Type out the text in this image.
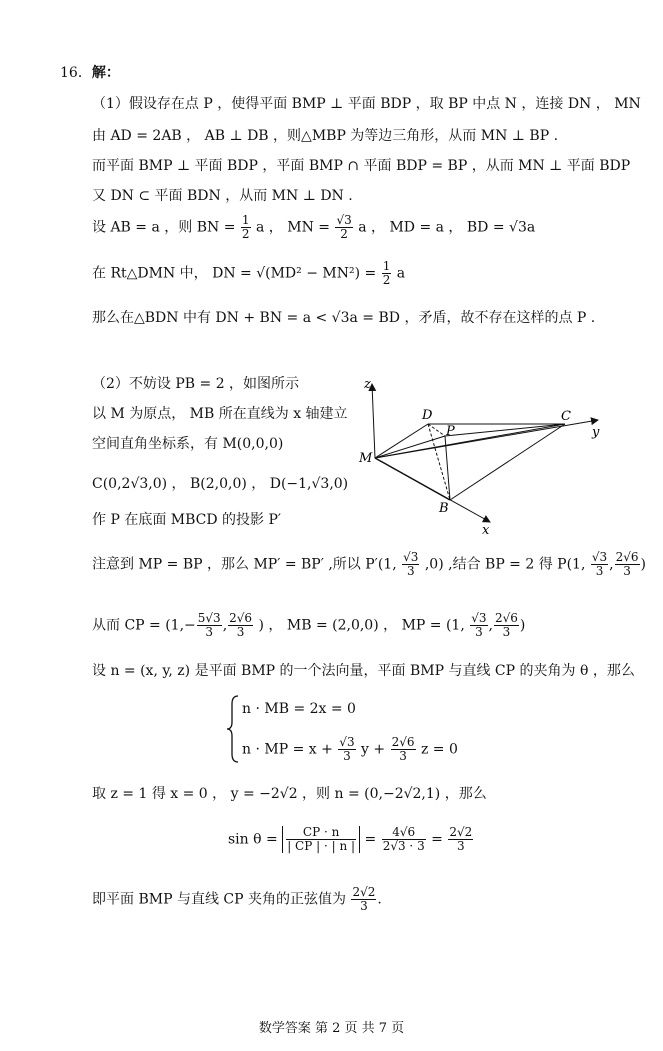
16．解：
（1）假设存在点 P ，使得平面 BMP ⊥ 平面 BDP ，取 BP 中点 N ，连接 DN ， MN
由 AD = 2AB ， AB ⊥ DB ，则△MBP 为等边三角形，从而 MN ⊥ BP .
而平面 BMP ⊥ 平面 BDP ，平面 BMP ∩ 平面 BDP = BP ，从而 MN ⊥ 平面 BDP
又 DN ⊂ 平面 BDN ，从而 MN ⊥ DN .
设 AB = a ，则 BN = $\frac{1}{2}$ a ， MN = $\frac{√3}{2}$ a ， MD = a ， BD = √3a
在 Rt△DMN 中， DN = $√(MD^2 - MN^2) = \frac{1}{2}$ a
那么在△BDN 中有 DN + BN = a < √3a = BD ，矛盾，故不存在这样的点 P .
（2）不妨设 PB = 2 ，如图所示
以 M 为原点， MB 所在直线为 x 轴建立
空间直角坐标系，有 M(0,0,0)
C(0,2√3,0) ， B(2,0,0) ， D(−1,√3,0)
作 P 在底面 MBCD 的投影 P′
z
y
x
M
D
P
C
B
注意到 MP = BP ，那么 MP′ = BP′ ,所以 P′(1, $\frac{√3}{3} ,0$) ,结合 BP = 2 得 P(1, $\frac{√3}{3}$ , $\frac{2√6}{3}$ )
从而 CP = ($1,- \frac{5√3}{3}$ , $\frac{2√6}{3}$ ) ， MB = (2,0,0) ， MP = (1, $\frac{√3}{3}$ , $\frac{2√6}{3}$ )
设 n = (x, y, z) 是平面 BMP 的一个法向量，平面 BMP 与直线 CP 的夹角为 θ ，那么
n · MB = 2x = 0
n · MP = $x + \frac{√3}{3}$ $y + \frac{2√6}{3}$ z = 0
取 z = 1 得 x = 0 ， y = −2√2 ，则 n = (0,−2√2,1) ，那么
$\sin \theta = \frac{CP \cdot n}{| CP | \cdot | n |} = \frac{4√6}{2√3 \cdot 3} = \frac{2√2}{3}$
即平面 BMP 与直线 CP 夹角的正弦值为 $\frac{2√2}{3}$ .
数学答案 第 2 页 共 7 页
